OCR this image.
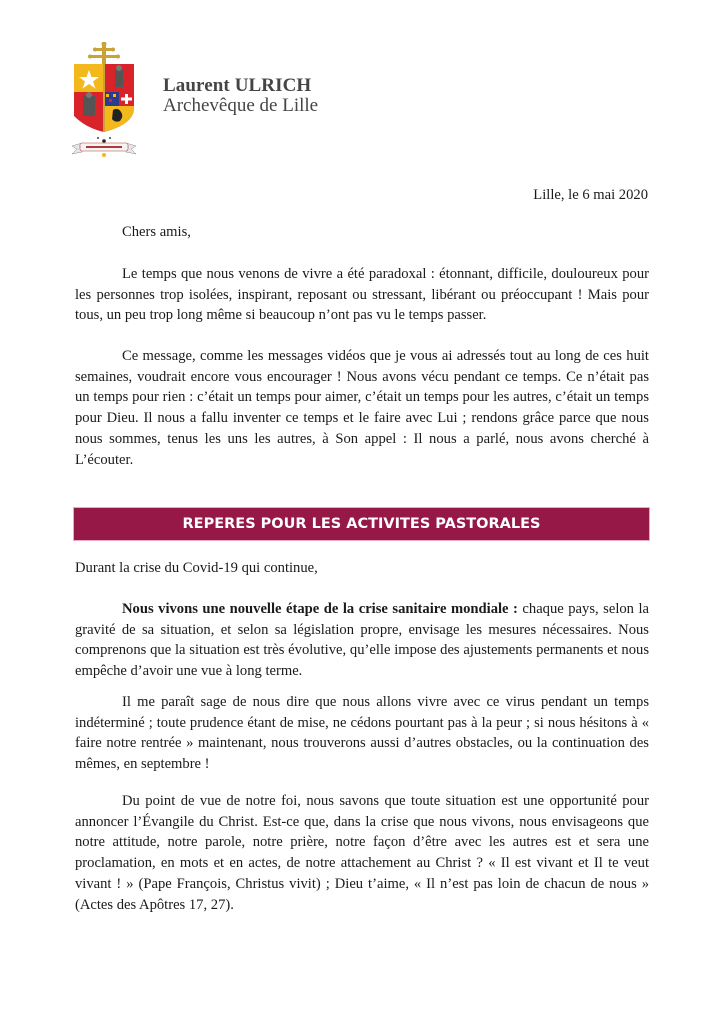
Laurent ULRICH
Archevêque de Lille
Lille, le 6 mai 2020
Chers amis,
Le temps que nous venons de vivre a été paradoxal : étonnant, difficile, douloureux pour les personnes trop isolées, inspirant, reposant ou stressant, libérant ou préoccupant ! Mais pour tous, un peu trop long même si beaucoup n’ont pas vu le temps passer.
Ce message, comme les messages vidéos que je vous ai adressés tout au long de ces huit semaines, voudrait encore vous encourager ! Nous avons vécu pendant ce temps. Ce n’était pas un temps pour rien : c’était un temps pour aimer, c’était un temps pour les autres, c’était un temps pour Dieu. Il nous a fallu inventer ce temps et le faire avec Lui ; rendons grâce parce que nous nous sommes, tenus les uns les autres, à Son appel : Il nous a parlé, nous avons cherché à L’écouter.
REPERES POUR LES ACTIVITES PASTORALES
Durant la crise du Covid-19 qui continue,
Nous vivons une nouvelle étape de la crise sanitaire mondiale : chaque pays, selon la gravité de sa situation, et selon sa législation propre, envisage les mesures nécessaires. Nous comprenons que la situation est très évolutive, qu’elle impose des ajustements permanents et nous empêche d’avoir une vue à long terme.
Il me paraît sage de nous dire que nous allons vivre avec ce virus pendant un temps indéterminé ; toute prudence étant de mise, ne cédons pourtant pas à la peur ; si nous hésitons à « faire notre rentrée » maintenant, nous trouverons aussi d’autres obstacles, ou la continuation des mêmes, en septembre !
Du point de vue de notre foi, nous savons que toute situation est une opportunité pour annoncer l’Évangile du Christ. Est-ce que, dans la crise que nous vivons, nous envisageons que notre attitude, notre parole, notre prière, notre façon d’être avec les autres est et sera une proclamation, en mots et en actes, de notre attachement au Christ ? « Il est vivant et Il te veut vivant ! » (Pape François, Christus vivit) ; Dieu t’aime, « Il n’est pas loin de chacun de nous » (Actes des Apôtres 17, 27).
